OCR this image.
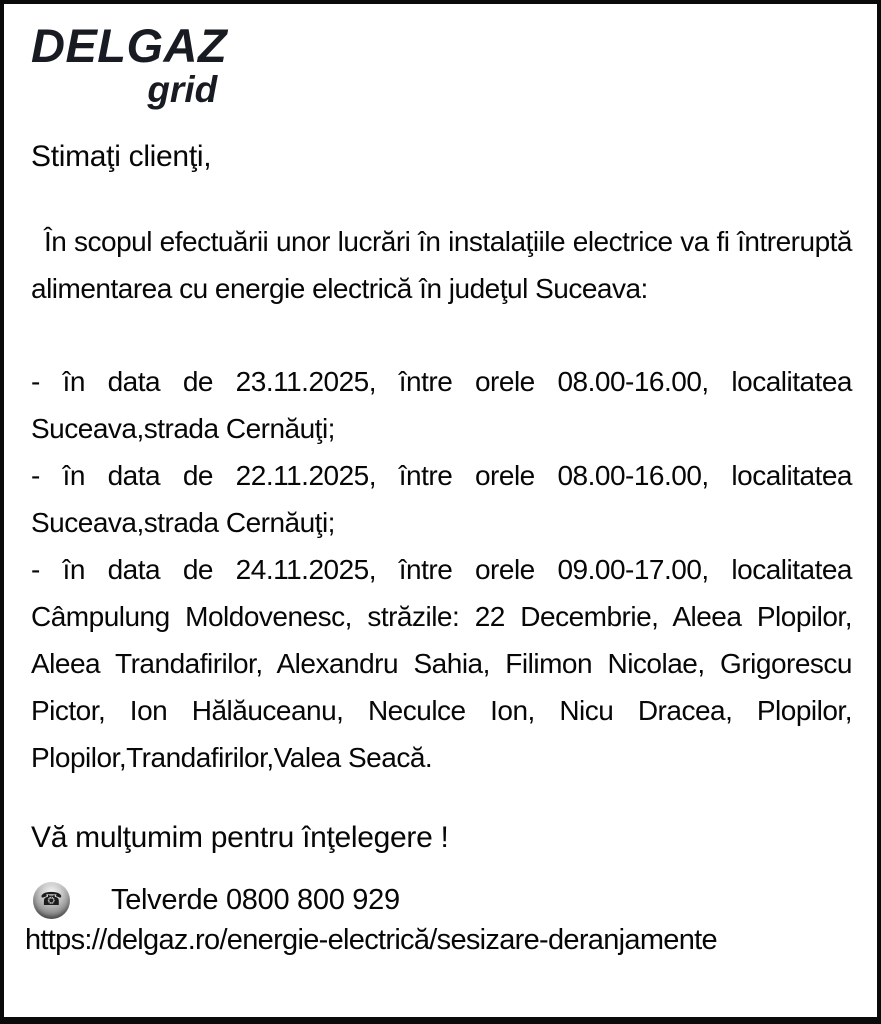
DELGAZ
grid

Stimaţi clienţi,

În scopul efectuării unor lucrări în instalaţiile electrice va fi întreruptă alimentarea cu energie electrică în judeţul Suceava:

- în data de 23.11.2025, între orele 08.00-16.00, localitatea Suceava,strada Cernăuţi;

- în data de 22.11.2025, între orele 08.00-16.00, localitatea Suceava,strada Cernăuţi;

- în data de 24.11.2025, între orele 09.00-17.00, localitatea Câmpulung Moldovenesc, străzile: 22 Decembrie, Aleea Plopilor, Aleea Trandafirilor, Alexandru Sahia, Filimon Nicolae, Grigorescu Pictor, Ion Hălăuceanu, Neculce Ion, Nicu Dracea, Plopilor, Plopilor,Trandafirilor,Valea Seacă.

Vă mulţumim pentru înţelegere !

☎ Telverde 0800 800 929
https://delgaz.ro/energie-electrică/sesizare-deranjamente
